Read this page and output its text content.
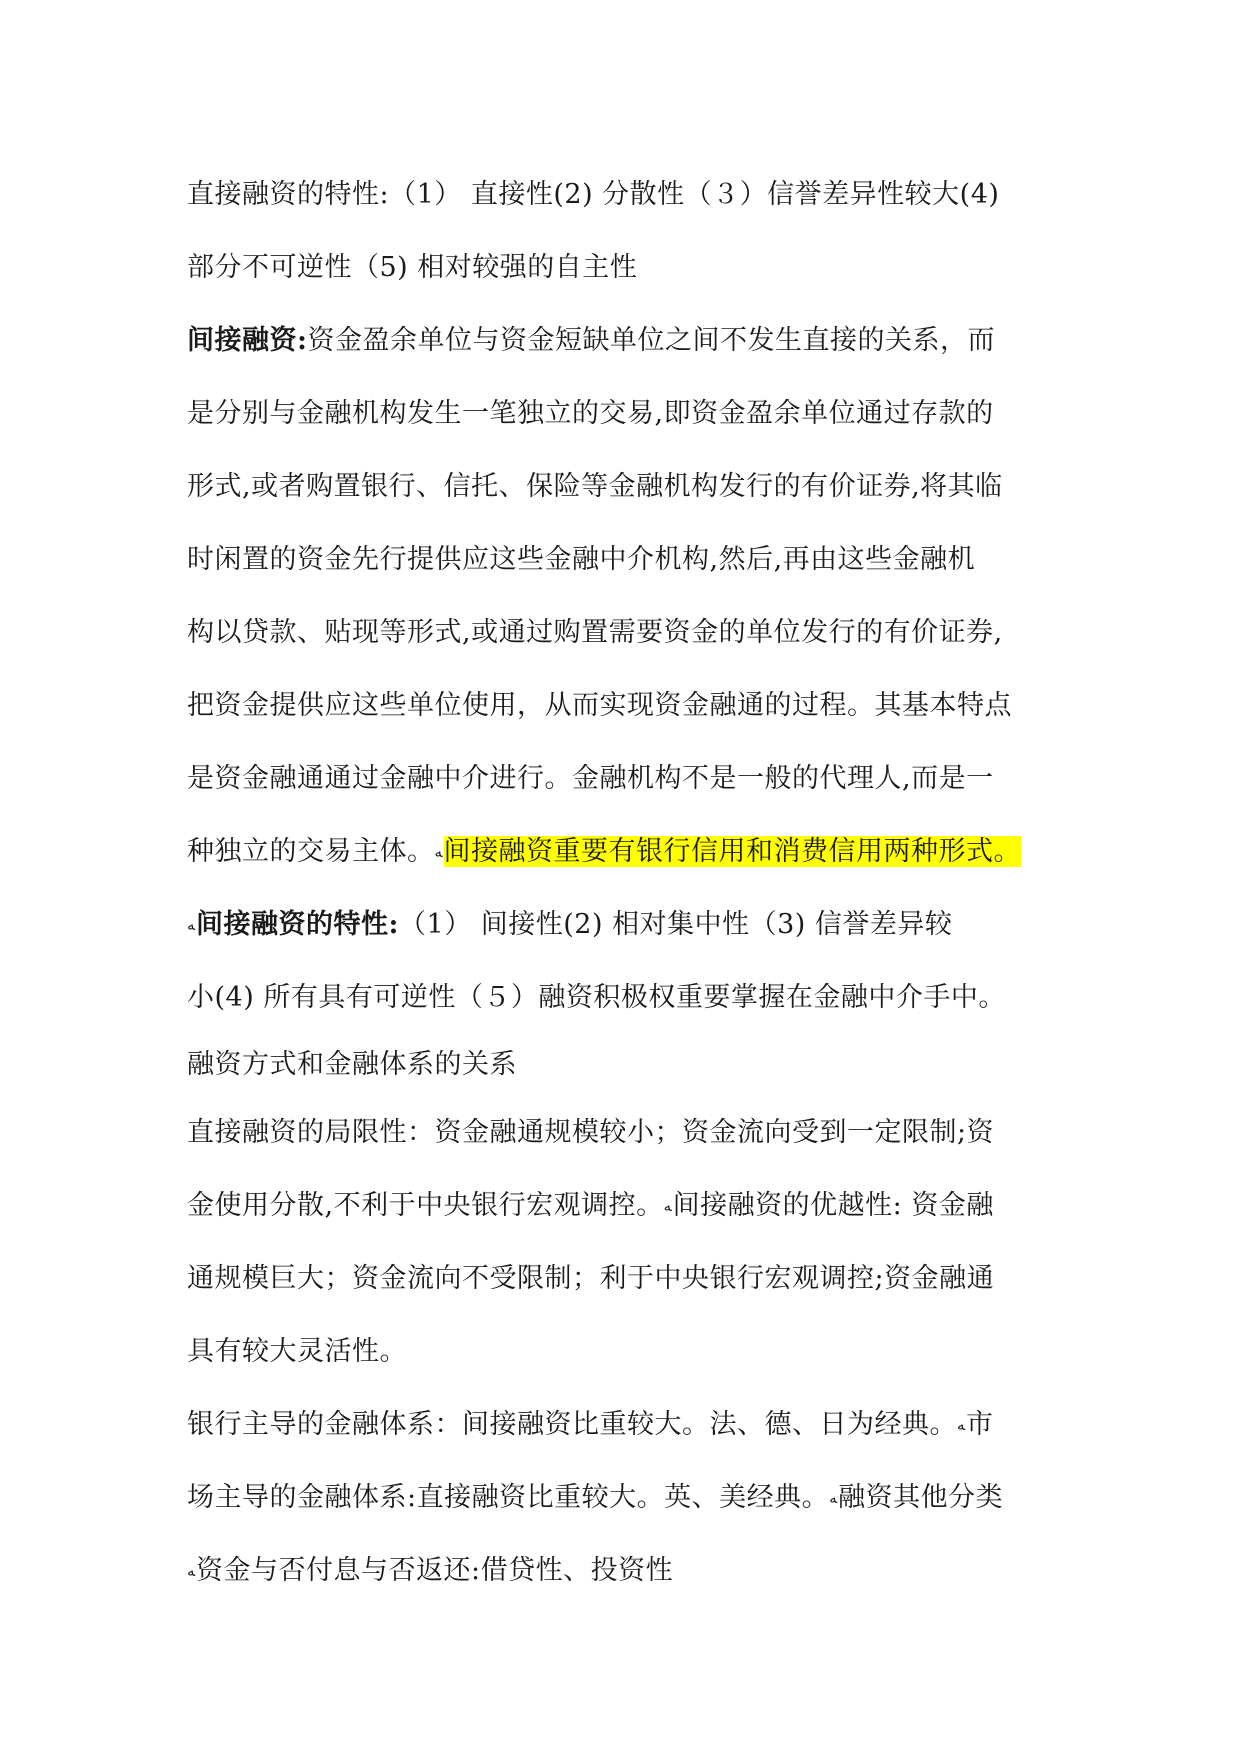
直接融资的特性:（1） 直接性(2) 分散性（３）信誉差异性较大(4)
部分不可逆性（5) 相对较强的自主性
间接融资:资金盈余单位与资金短缺单位之间不发生直接的关系，而
是分别与金融机构发生一笔独立的交易,即资金盈余单位通过存款的
形式,或者购置银行、信托、保险等金融机构发行的有价证券,将其临
时闲置的资金先行提供应这些金融中介机构,然后,再由这些金融机
构以贷款、贴现等形式,或通过购置需要资金的单位发行的有价证券,
把资金提供应这些单位使用，从而实现资金融通的过程。其基本特点
是资金融通通过金融中介进行。金融机构不是一般的代理人,而是一
种独立的交易主体。ﻪ间接融资重要有银行信用和消费信用两种形式。
ﻪ间接融资的特性:（1） 间接性(2) 相对集中性（3) 信誉差异较
小(4) 所有具有可逆性（５）融资积极权重要掌握在金融中介手中。
融资方式和金融体系的关系
直接融资的局限性：资金融通规模较小；资金流向受到一定限制;资
金使用分散,不利于中央银行宏观调控。ﻪ间接融资的优越性: 资金融
通规模巨大；资金流向不受限制；利于中央银行宏观调控;资金融通
具有较大灵活性。
银行主导的金融体系：间接融资比重较大。法、德、日为经典。ﻪ市
场主导的金融体系:直接融资比重较大。英、美经典。ﻪ融资其他分类
ﻪ资金与否付息与否返还:借贷性、投资性
